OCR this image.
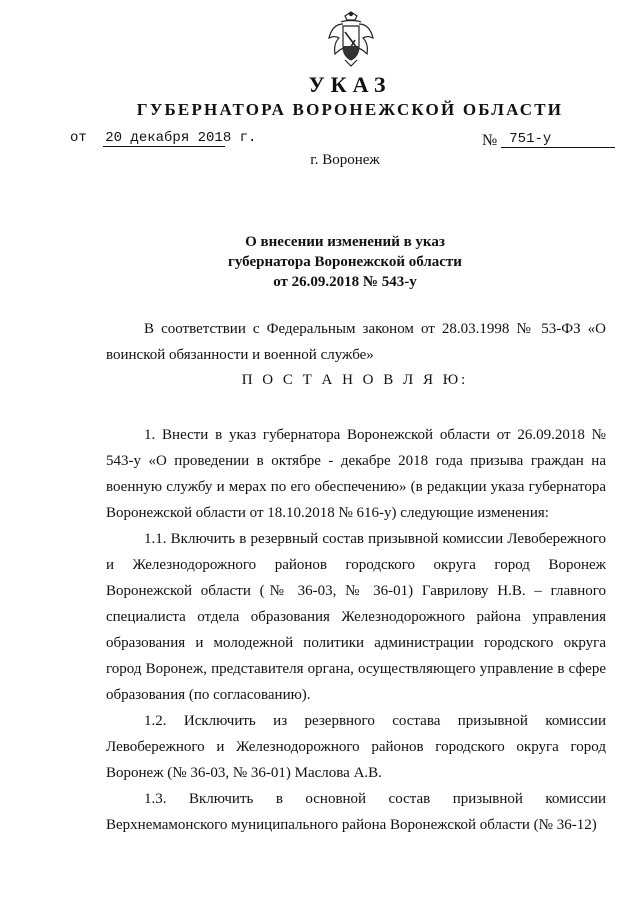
УКАЗ
ГУБЕРНАТОРА ВОРОНЕЖСКОЙ ОБЛАСТИ
от 20 декабря 2018 г.	№ 751-у
г. Воронеж
О внесении изменений в указ
губернатора Воронежской области
от 26.09.2018 № 543-у

В соответствии с Федеральным законом от 28.03.1998 № 53-ФЗ «О воинской обязанности и военной службе»

П О С Т А Н О В Л Я Ю:

1. Внести в указ губернатора Воронежской области от 26.09.2018 № 543-у «О проведении в октябре - декабре 2018 года призыва граждан на военную службу и мерах по его обеспечению» (в редакции указа губернатора Воронежской области от 18.10.2018 № 616-у) следующие изменения:

1.1. Включить в резервный состав призывной комиссии Левобережного и Железнодорожного районов городского округа город Воронеж Воронежской области (№ 36-03, № 36-01) Гаврилову Н.В. – главного специалиста отдела образования Железнодорожного района управления образования и молодежной политики администрации городского округа город Воронеж, представителя органа, осуществляющего управление в сфере образования (по согласованию).

1.2. Исключить из резервного состава призывной комиссии Левобережного и Железнодорожного районов городского округа город Воронеж (№ 36-03, № 36-01) Маслова А.В.

1.3. Включить в основной состав призывной комиссии Верхнемамонского муниципального района Воронежской области (№ 36-12)
